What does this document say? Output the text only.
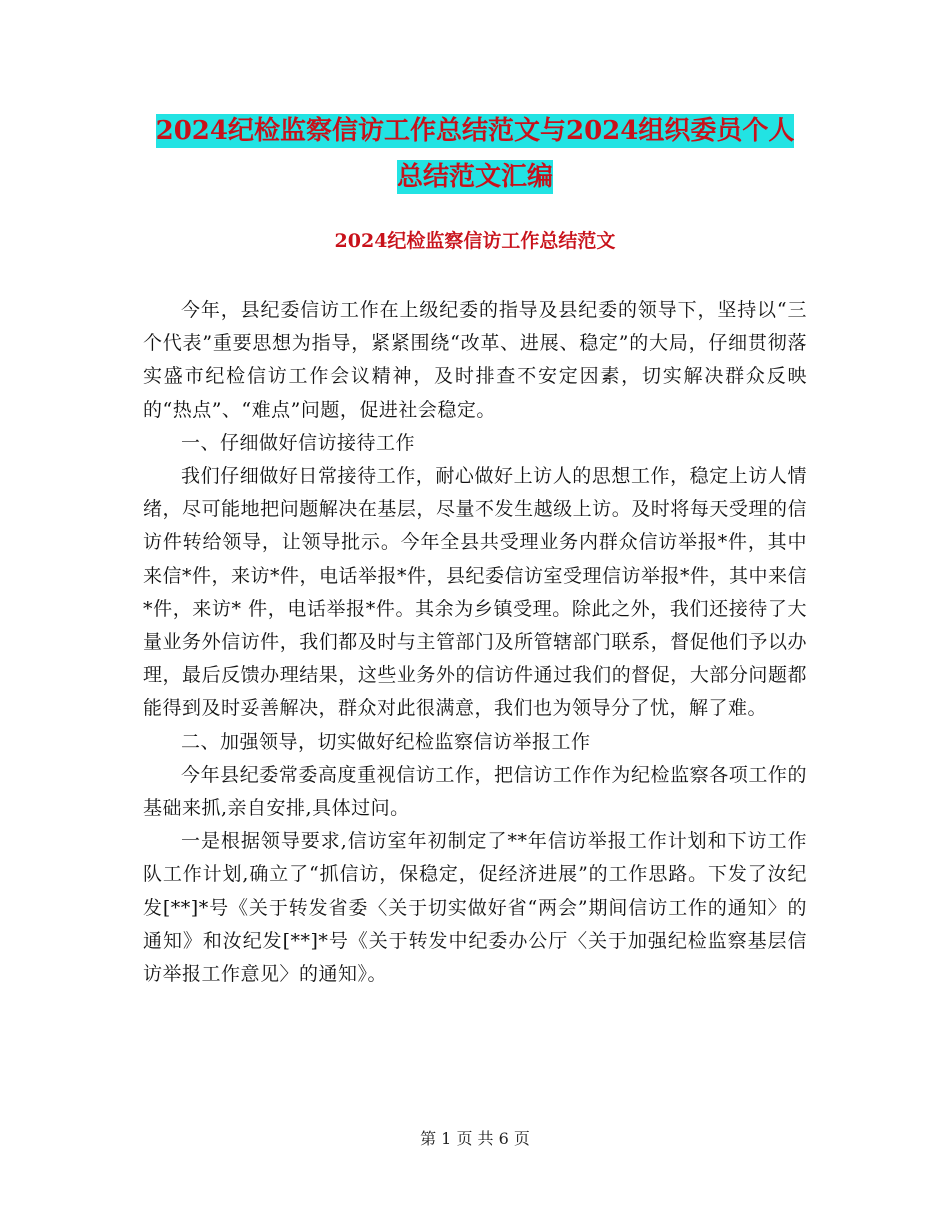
2024纪检监察信访工作总结范文与2024组织委员个人
总结范文汇编
2024纪检监察信访工作总结范文

今年，县纪委信访工作在上级纪委的指导及县纪委的领导下，坚持以“三个代表”重要思想为指导，紧紧围绕“改革、进展、稳定”的大局，仔细贯彻落实盛市纪检信访工作会议精神，及时排查不安定因素，切实解决群众反映的“热点”、“难点”问题，促进社会稳定。

一、仔细做好信访接待工作

我们仔细做好日常接待工作，耐心做好上访人的思想工作，稳定上访人情绪，尽可能地把问题解决在基层，尽量不发生越级上访。及时将每天受理的信访件转给领导，让领导批示。今年全县共受理业务内群众信访举报*件，其中来信*件，来访*件，电话举报*件，县纪委信访室受理信访举报*件，其中来信*件，来访* 件，电话举报*件。其余为乡镇受理。除此之外，我们还接待了大量业务外信访件，我们都及时与主管部门及所管辖部门联系，督促他们予以办理，最后反馈办理结果，这些业务外的信访件通过我们的督促，大部分问题都能得到及时妥善解决，群众对此很满意，我们也为领导分了忧，解了难。

二、加强领导，切实做好纪检监察信访举报工作

今年县纪委常委高度重视信访工作，把信访工作作为纪检监察各项工作的基础来抓,亲自安排,具体过问。

一是根据领导要求,信访室年初制定了**年信访举报工作计划和下访工作队工作计划,确立了“抓信访，保稳定，促经济进展”的工作思路。下发了汝纪发[**]*号《关于转发省委〈关于切实做好省“两会”期间信访工作的通知〉的通知》和汝纪发[**]*号《关于转发中纪委办公厅〈关于加强纪检监察基层信访举报工作意见〉的通知》。

第 1 页 共 6 页
